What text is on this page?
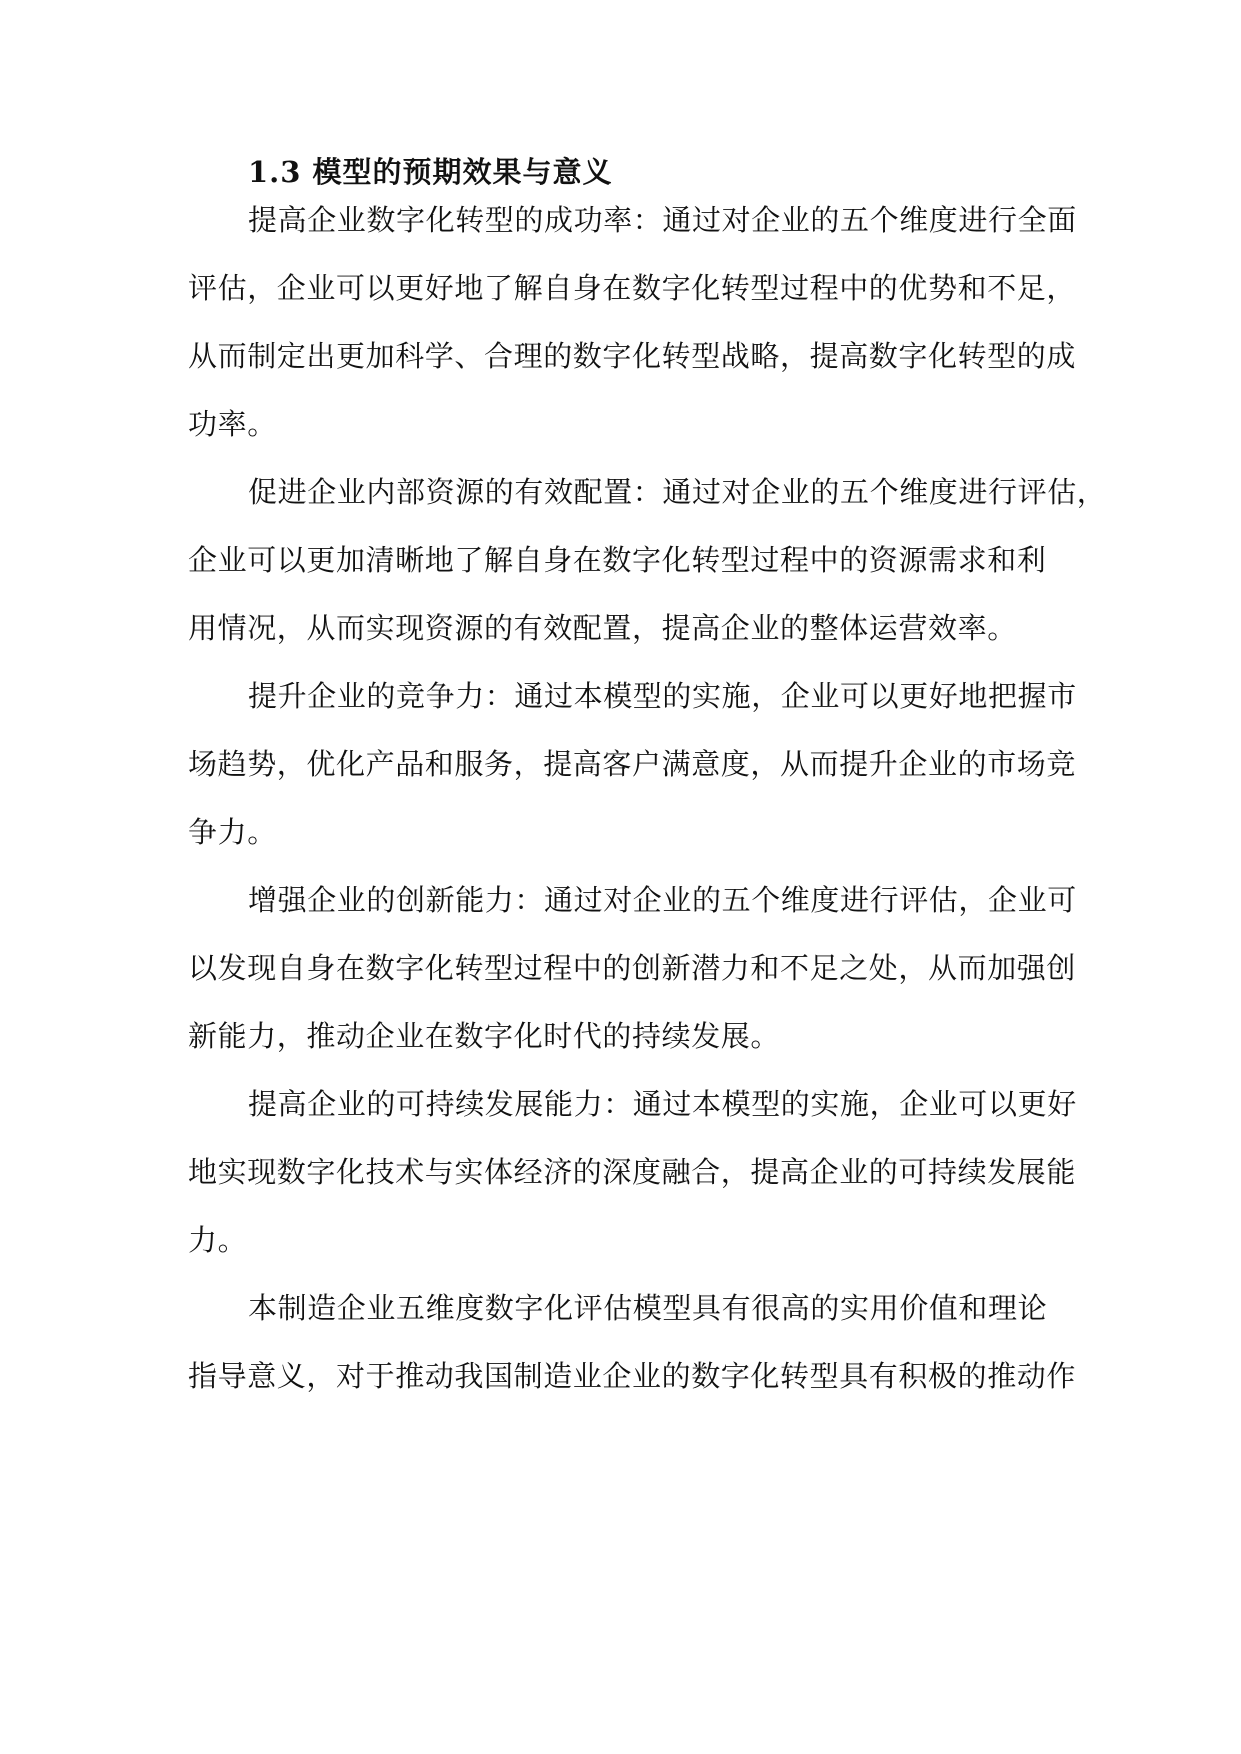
1.3 模型的预期效果与意义
提高企业数字化转型的成功率：通过对企业的五个维度进行全面
评估，企业可以更好地了解自身在数字化转型过程中的优势和不足，
从而制定出更加科学、合理的数字化转型战略，提高数字化转型的成
功率。
促进企业内部资源的有效配置：通过对企业的五个维度进行评估，
企业可以更加清晰地了解自身在数字化转型过程中的资源需求和利
用情况，从而实现资源的有效配置，提高企业的整体运营效率。
提升企业的竞争力：通过本模型的实施，企业可以更好地把握市
场趋势，优化产品和服务，提高客户满意度，从而提升企业的市场竞
争力。
增强企业的创新能力：通过对企业的五个维度进行评估，企业可
以发现自身在数字化转型过程中的创新潜力和不足之处，从而加强创
新能力，推动企业在数字化时代的持续发展。
提高企业的可持续发展能力：通过本模型的实施，企业可以更好
地实现数字化技术与实体经济的深度融合，提高企业的可持续发展能
力。
本制造企业五维度数字化评估模型具有很高的实用价值和理论
指导意义，对于推动我国制造业企业的数字化转型具有积极的推动作
